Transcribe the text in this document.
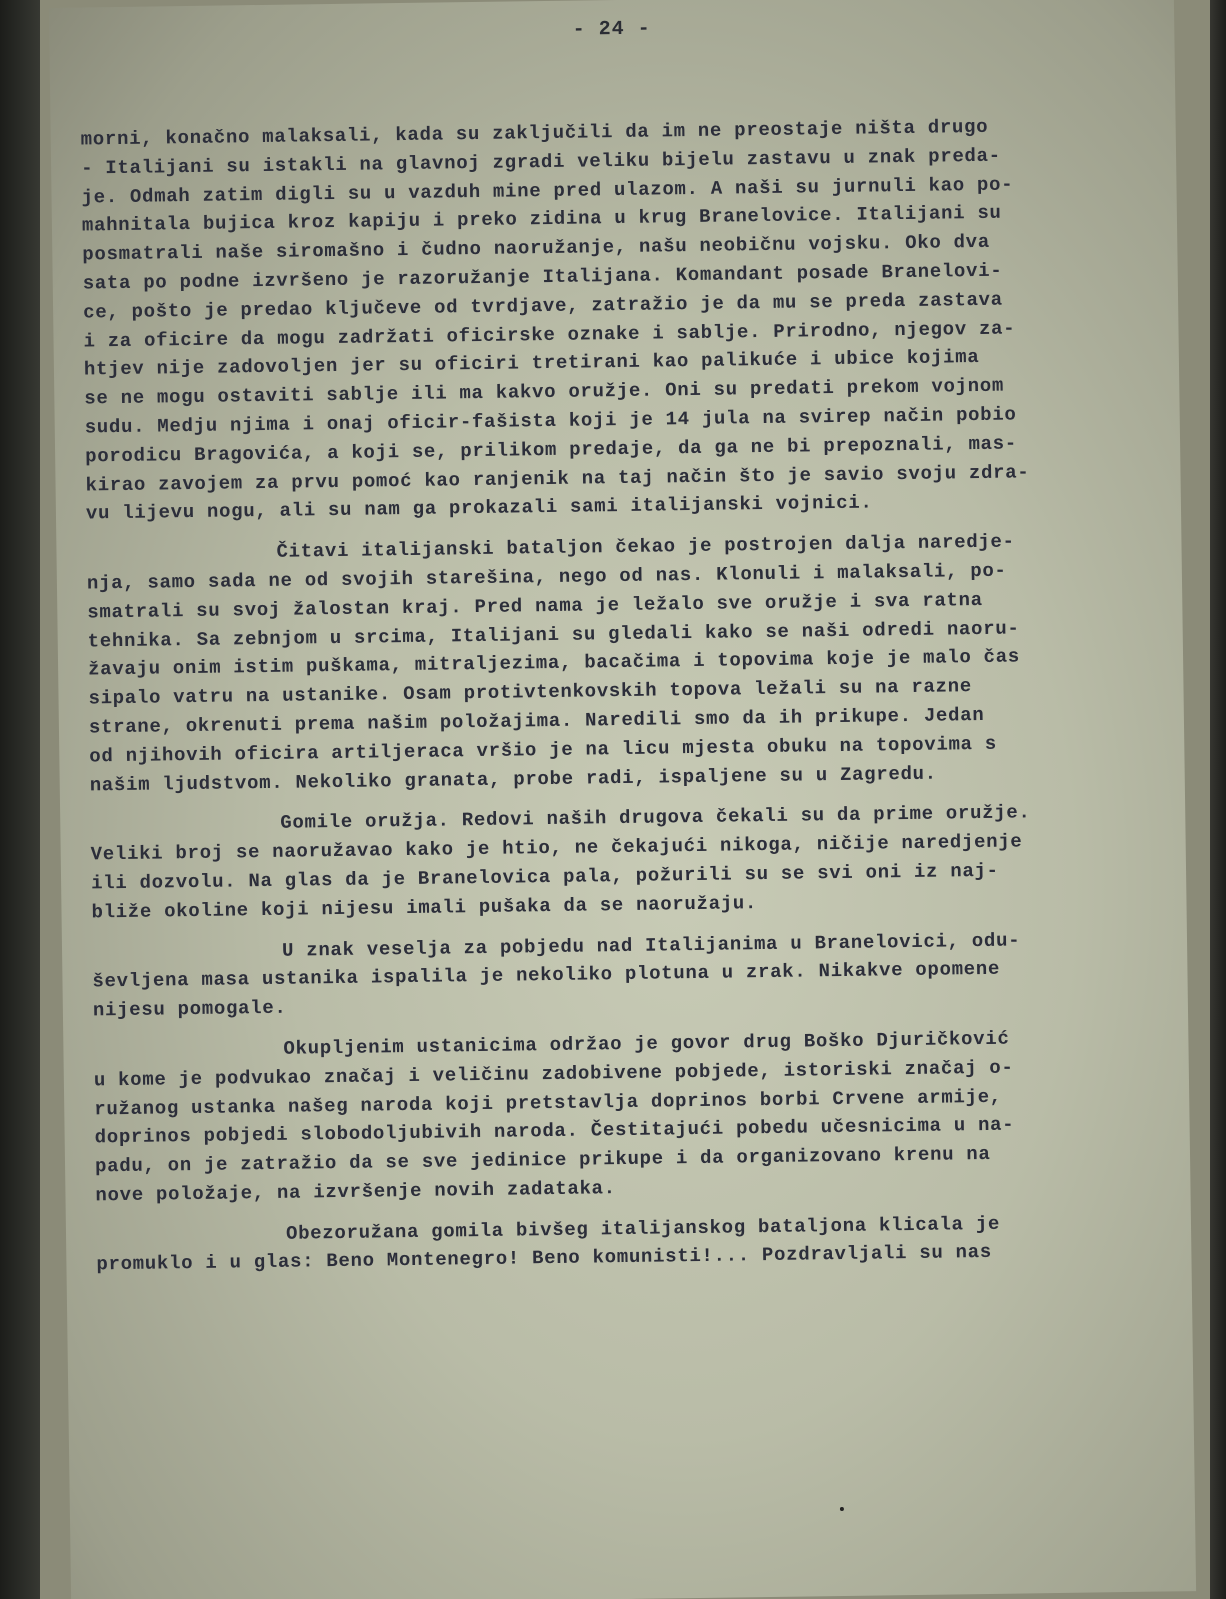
- 24 -
morni, konačno malaksali, kada su zaključili da im ne preostaje ništa drugo
- Italijani su istakli na glavnoj zgradi veliku bijelu zastavu u znak preda-
je. Odmah zatim digli su u vazduh mine pred ulazom. A naši su jurnuli kao po-
mahnitala bujica kroz kapiju i preko zidina u krug Branelovice. Italijani su
posmatrali naše siromašno i čudno naoružanje, našu neobičnu vojsku. Oko dva
sata po podne izvršeno je razoružanje Italijana. Komandant posade Branelovi-
ce, pošto je predao ključeve od tvrdjave, zatražio je da mu se preda zastava
i za oficire da mogu zadržati oficirske oznake i sablje. Prirodno, njegov za-
htjev nije zadovoljen jer su oficiri tretirani kao palikuće i ubice kojima
se ne mogu ostaviti sablje ili ma kakvo oružje. Oni su predati prekom vojnom
sudu. Medju njima i onaj oficir-fašista koji je 14 jula na svirep način pobio
porodicu Bragovića, a koji se, prilikom predaje, da ga ne bi prepoznali, mas-
kirao zavojem za prvu pomoć kao ranjenik na taj način što je savio svoju zdra-
vu lijevu nogu, ali su nam ga prokazali sami italijanski vojnici.
Čitavi italijanski bataljon čekao je postrojen dalja naredje-
nja, samo sada ne od svojih starešina, nego od nas. Klonuli i malaksali, po-
smatrali su svoj žalostan kraj. Pred nama je ležalo sve oružje i sva ratna
tehnika. Sa zebnjom u srcima, Italijani su gledali kako se naši odredi naoru-
žavaju onim istim puškama, mitraljezima, bacačima i topovima koje je malo čas
sipalo vatru na ustanike. Osam protivtenkovskih topova ležali su na razne
strane, okrenuti prema našim položajima. Naredili smo da ih prikupe. Jedan
od njihovih oficira artiljeraca vršio je na licu mjesta obuku na topovima s
našim ljudstvom. Nekoliko granata, probe radi, ispaljene su u Zagredu.
Gomile oružja. Redovi naših drugova čekali su da prime oružje.
Veliki broj se naoružavao kako je htio, ne čekajući nikoga, ničije naredjenje
ili dozvolu. Na glas da je Branelovica pala, požurili su se svi oni iz naj-
bliže okoline koji nijesu imali pušaka da se naoružaju.
U znak veselja za pobjedu nad Italijanima u Branelovici, odu-
ševljena masa ustanika ispalila je nekoliko plotuna u zrak. Nikakve opomene
nijesu pomogale.
Okupljenim ustanicima održao je govor drug Boško Djuričković
u kome je podvukao značaj i veličinu zadobivene pobjede, istoriski značaj o-
ružanog ustanka našeg naroda koji pretstavlja doprinos borbi Crvene armije,
doprinos pobjedi slobodoljubivih naroda. Čestitajući pobedu učesnicima u na-
padu, on je zatražio da se sve jedinice prikupe i da organizovano krenu na
nove položaje, na izvršenje novih zadataka.
Obezoružana gomila bivšeg italijanskog bataljona klicala je
promuklo i u glas: Beno Montenegro! Beno komunisti!... Pozdravljali su nas
